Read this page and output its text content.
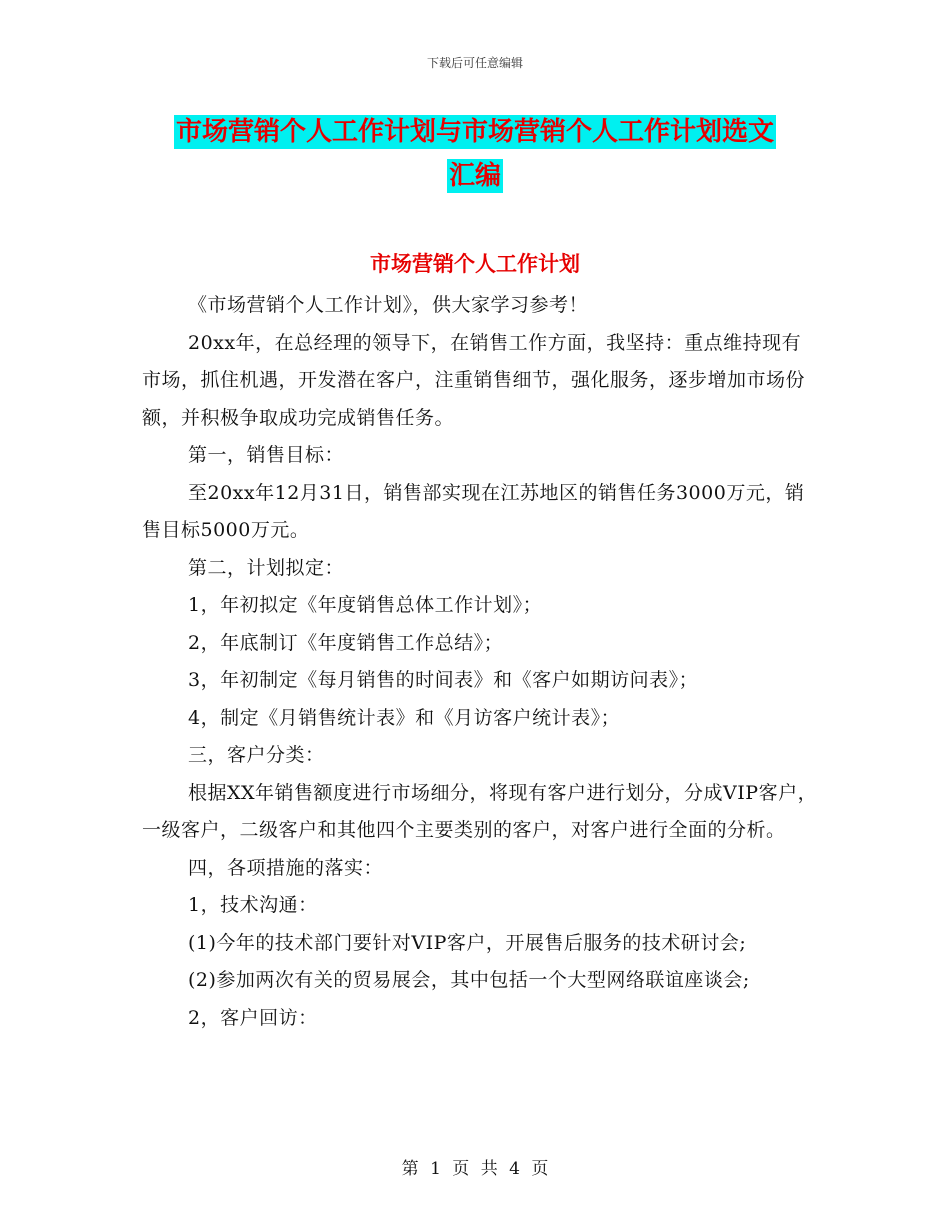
下载后可任意编辑
市场营销个人工作计划与市场营销个人工作计划选文
汇编
市场营销个人工作计划

《市场营销个人工作计划》，供大家学习参考！

20xx年，在总经理的领导下，在销售工作方面，我坚持：重点维持现有市场，抓住机遇，开发潜在客户，注重销售细节，强化服务，逐步增加市场份额，并积极争取成功完成销售任务。

第一，销售目标：

至20xx年12月31日，销售部实现在江苏地区的销售任务3000万元，销售目标5000万元。

第二，计划拟定：

1，年初拟定《年度销售总体工作计划》；

2，年底制订《年度销售工作总结》；

3，年初制定《每月销售的时间表》和《客户如期访问表》；

4，制定《月销售统计表》和《月访客户统计表》；

三，客户分类：

根据XX年销售额度进行市场细分，将现有客户进行划分，分成VIP客户，一级客户，二级客户和其他四个主要类别的客户，对客户进行全面的分析。

四，各项措施的落实：

1，技术沟通：

(1)今年的技术部门要针对VIP客户，开展售后服务的技术研讨会;

(2)参加两次有关的贸易展会，其中包括一个大型网络联谊座谈会;

2，客户回访：

第 1 页 共 4 页
